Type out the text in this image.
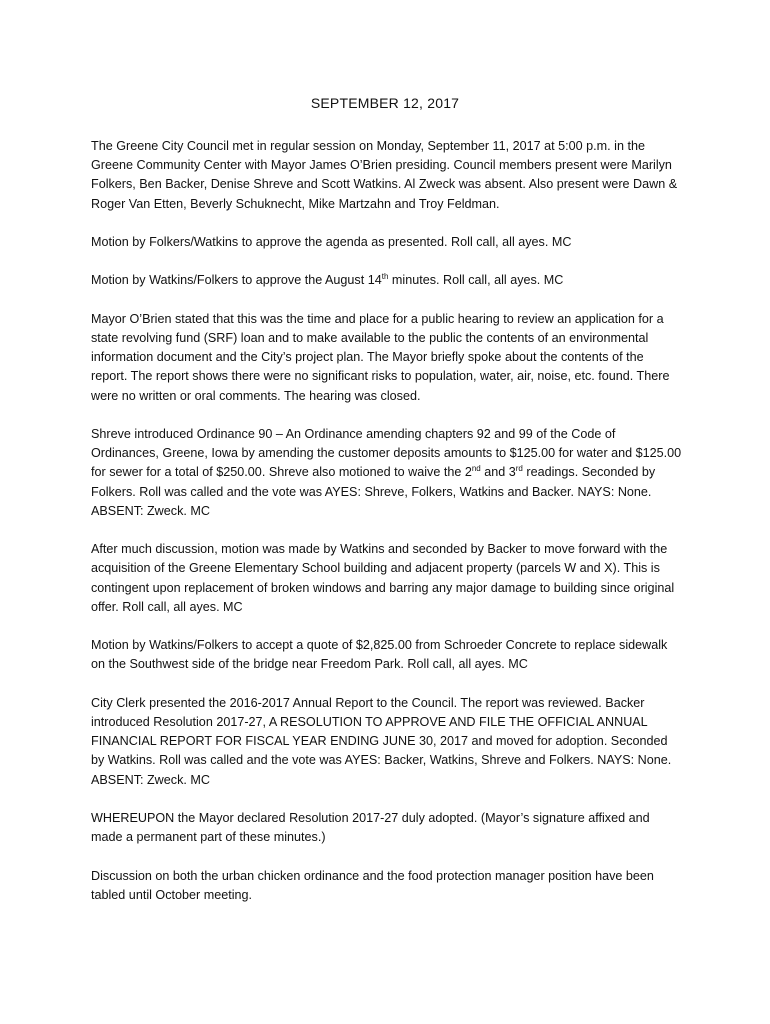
SEPTEMBER 12, 2017

The Greene City Council met in regular session on Monday, September 11, 2017 at 5:00 p.m. in the Greene Community Center with Mayor James O’Brien presiding. Council members present were Marilyn Folkers, Ben Backer, Denise Shreve and Scott Watkins. Al Zweck was absent. Also present were Dawn & Roger Van Etten, Beverly Schuknecht, Mike Martzahn and Troy Feldman.

Motion by Folkers/Watkins to approve the agenda as presented. Roll call, all ayes. MC

Motion by Watkins/Folkers to approve the August 14th minutes. Roll call, all ayes. MC

Mayor O’Brien stated that this was the time and place for a public hearing to review an application for a state revolving fund (SRF) loan and to make available to the public the contents of an environmental information document and the City’s project plan. The Mayor briefly spoke about the contents of the report. The report shows there were no significant risks to population, water, air, noise, etc. found. There were no written or oral comments. The hearing was closed.

Shreve introduced Ordinance 90 – An Ordinance amending chapters 92 and 99 of the Code of Ordinances, Greene, Iowa by amending the customer deposits amounts to $125.00 for water and $125.00 for sewer for a total of $250.00. Shreve also motioned to waive the 2nd and 3rd readings. Seconded by Folkers. Roll was called and the vote was AYES: Shreve, Folkers, Watkins and Backer. NAYS: None. ABSENT: Zweck. MC

After much discussion, motion was made by Watkins and seconded by Backer to move forward with the acquisition of the Greene Elementary School building and adjacent property (parcels W and X). This is contingent upon replacement of broken windows and barring any major damage to building since original offer. Roll call, all ayes. MC

Motion by Watkins/Folkers to accept a quote of $2,825.00 from Schroeder Concrete to replace sidewalk on the Southwest side of the bridge near Freedom Park. Roll call, all ayes. MC

City Clerk presented the 2016-2017 Annual Report to the Council. The report was reviewed. Backer introduced Resolution 2017-27, A RESOLUTION TO APPROVE AND FILE THE OFFICIAL ANNUAL FINANCIAL REPORT FOR FISCAL YEAR ENDING JUNE 30, 2017 and moved for adoption. Seconded by Watkins. Roll was called and the vote was AYES: Backer, Watkins, Shreve and Folkers. NAYS: None. ABSENT: Zweck. MC

WHEREUPON the Mayor declared Resolution 2017-27 duly adopted. (Mayor’s signature affixed and made a permanent part of these minutes.)

Discussion on both the urban chicken ordinance and the food protection manager position have been tabled until October meeting.
